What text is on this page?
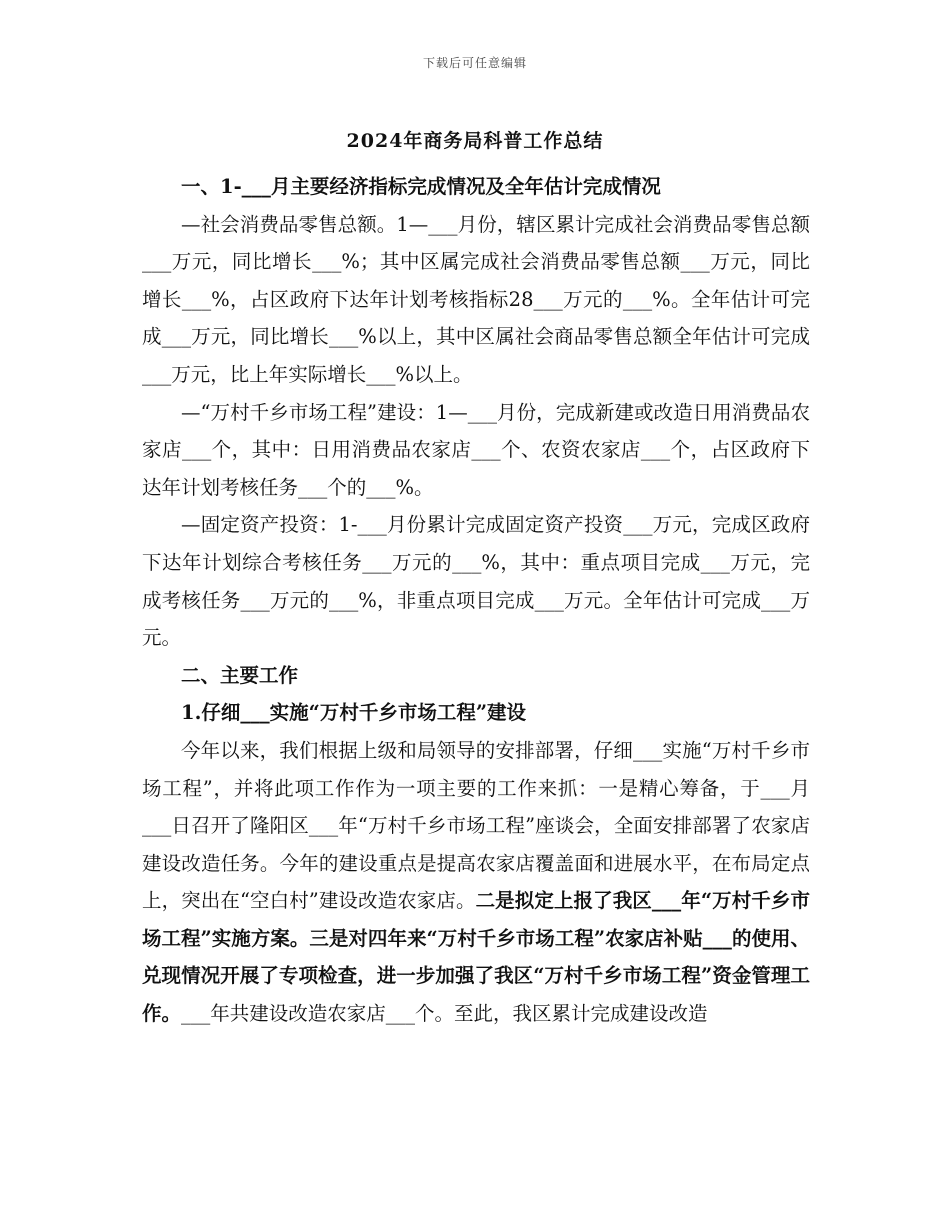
下载后可任意编辑
2024年商务局科普工作总结

一、1-___月主要经济指标完成情况及全年估计完成情况

—社会消费品零售总额。1—___月份，辖区累计完成社会消费品零售总额___万元，同比增长___%；其中区属完成社会消费品零售总额___万元，同比增长___%，占区政府下达年计划考核指标28___万元的___%。全年估计可完成___万元，同比增长___%以上，其中区属社会商品零售总额全年估计可完成___万元，比上年实际增长___%以上。

—“万村千乡市场工程”建设：1—___月份，完成新建或改造日用消费品农家店___个，其中：日用消费品农家店___个、农资农家店___个，占区政府下达年计划考核任务___个的___%。

—固定资产投资：1-___月份累计完成固定资产投资___万元，完成区政府下达年计划综合考核任务___万元的___%，其中：重点项目完成___万元，完成考核任务___万元的___%，非重点项目完成___万元。全年估计可完成___万元。

二、主要工作

1.仔细___实施“万村千乡市场工程”建设

今年以来，我们根据上级和局领导的安排部署，仔细___实施“万村千乡市场工程”，并将此项工作作为一项主要的工作来抓：一是精心筹备，于___月___日召开了隆阳区___年“万村千乡市场工程”座谈会，全面安排部署了农家店建设改造任务。今年的建设重点是提高农家店覆盖面和进展水平，在布局定点上，突出在“空白村”建设改造农家店。二是拟定上报了我区___年“万村千乡市场工程”实施方案。三是对四年来“万村千乡市场工程”农家店补贴___的使用、兑现情况开展了专项检查，进一步加强了我区“万村千乡市场工程”资金管理工作。___年共建设改造农家店___个。至此，我区累计完成建设改造
